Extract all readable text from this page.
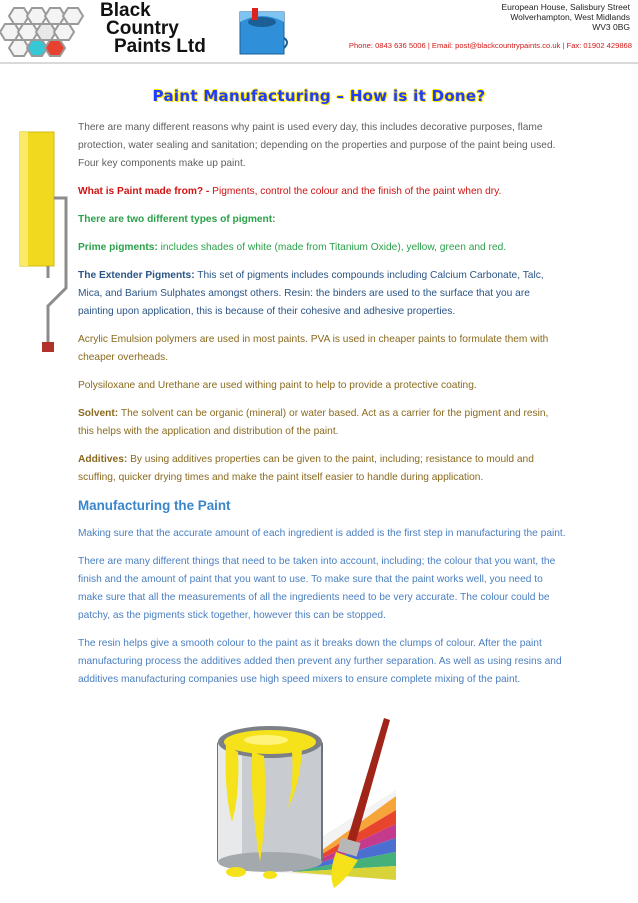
Black
Country
Paints Ltd
European House, Salisbury Street
Wolverhampton, West Midlands
WV3 0BG
Phone: 0843 636 5006 | Email: post@blackcountrypaints.co.uk | Fax: 01902 429868
Paint Manufacturing – How is it Done?

There are many different reasons why paint is used every day, this includes decorative purposes, flame protection, water sealing and sanitation; depending on the properties and purpose of the paint being used. Four key components make up paint.

What is Paint made from? - Pigments, control the colour and the finish of the paint when dry.

There are two different types of pigment:

Prime pigments: includes shades of white (made from Titanium Oxide), yellow, green and red.

The Extender Pigments: This set of pigments includes compounds including Calcium Carbonate, Talc, Mica, and Barium Sulphates amongst others. Resin: the binders are used to the surface that you are painting upon application, this is because of their cohesive and adhesive properties.

Acrylic Emulsion polymers are used in most paints. PVA is used in cheaper paints to formulate them with cheaper overheads.

Polysiloxane and Urethane are used withing paint to help to provide a protective coating.

Solvent: The solvent can be organic (mineral) or water based. Act as a carrier for the pigment and resin, this helps with the application and distribution of the paint.

Additives: By using additives properties can be given to the paint, including; resistance to mould and scuffing, quicker drying times and make the paint itself easier to handle during application.

Manufacturing the Paint

Making sure that the accurate amount of each ingredient is added is the first step in manufacturing the paint.

There are many different things that need to be taken into account, including; the colour that you want, the finish and the amount of paint that you want to use. To make sure that the paint works well, you need to make sure that all the measurements of all the ingredients need to be very accurate. The colour could be patchy, as the pigments stick together, however this can be stopped.

The resin helps give a smooth colour to the paint as it breaks down the clumps of colour. After the paint manufacturing process the additives added then prevent any further separation. As well as using resins and additives manufacturing companies use high speed mixers to ensure complete mixing of the paint.
